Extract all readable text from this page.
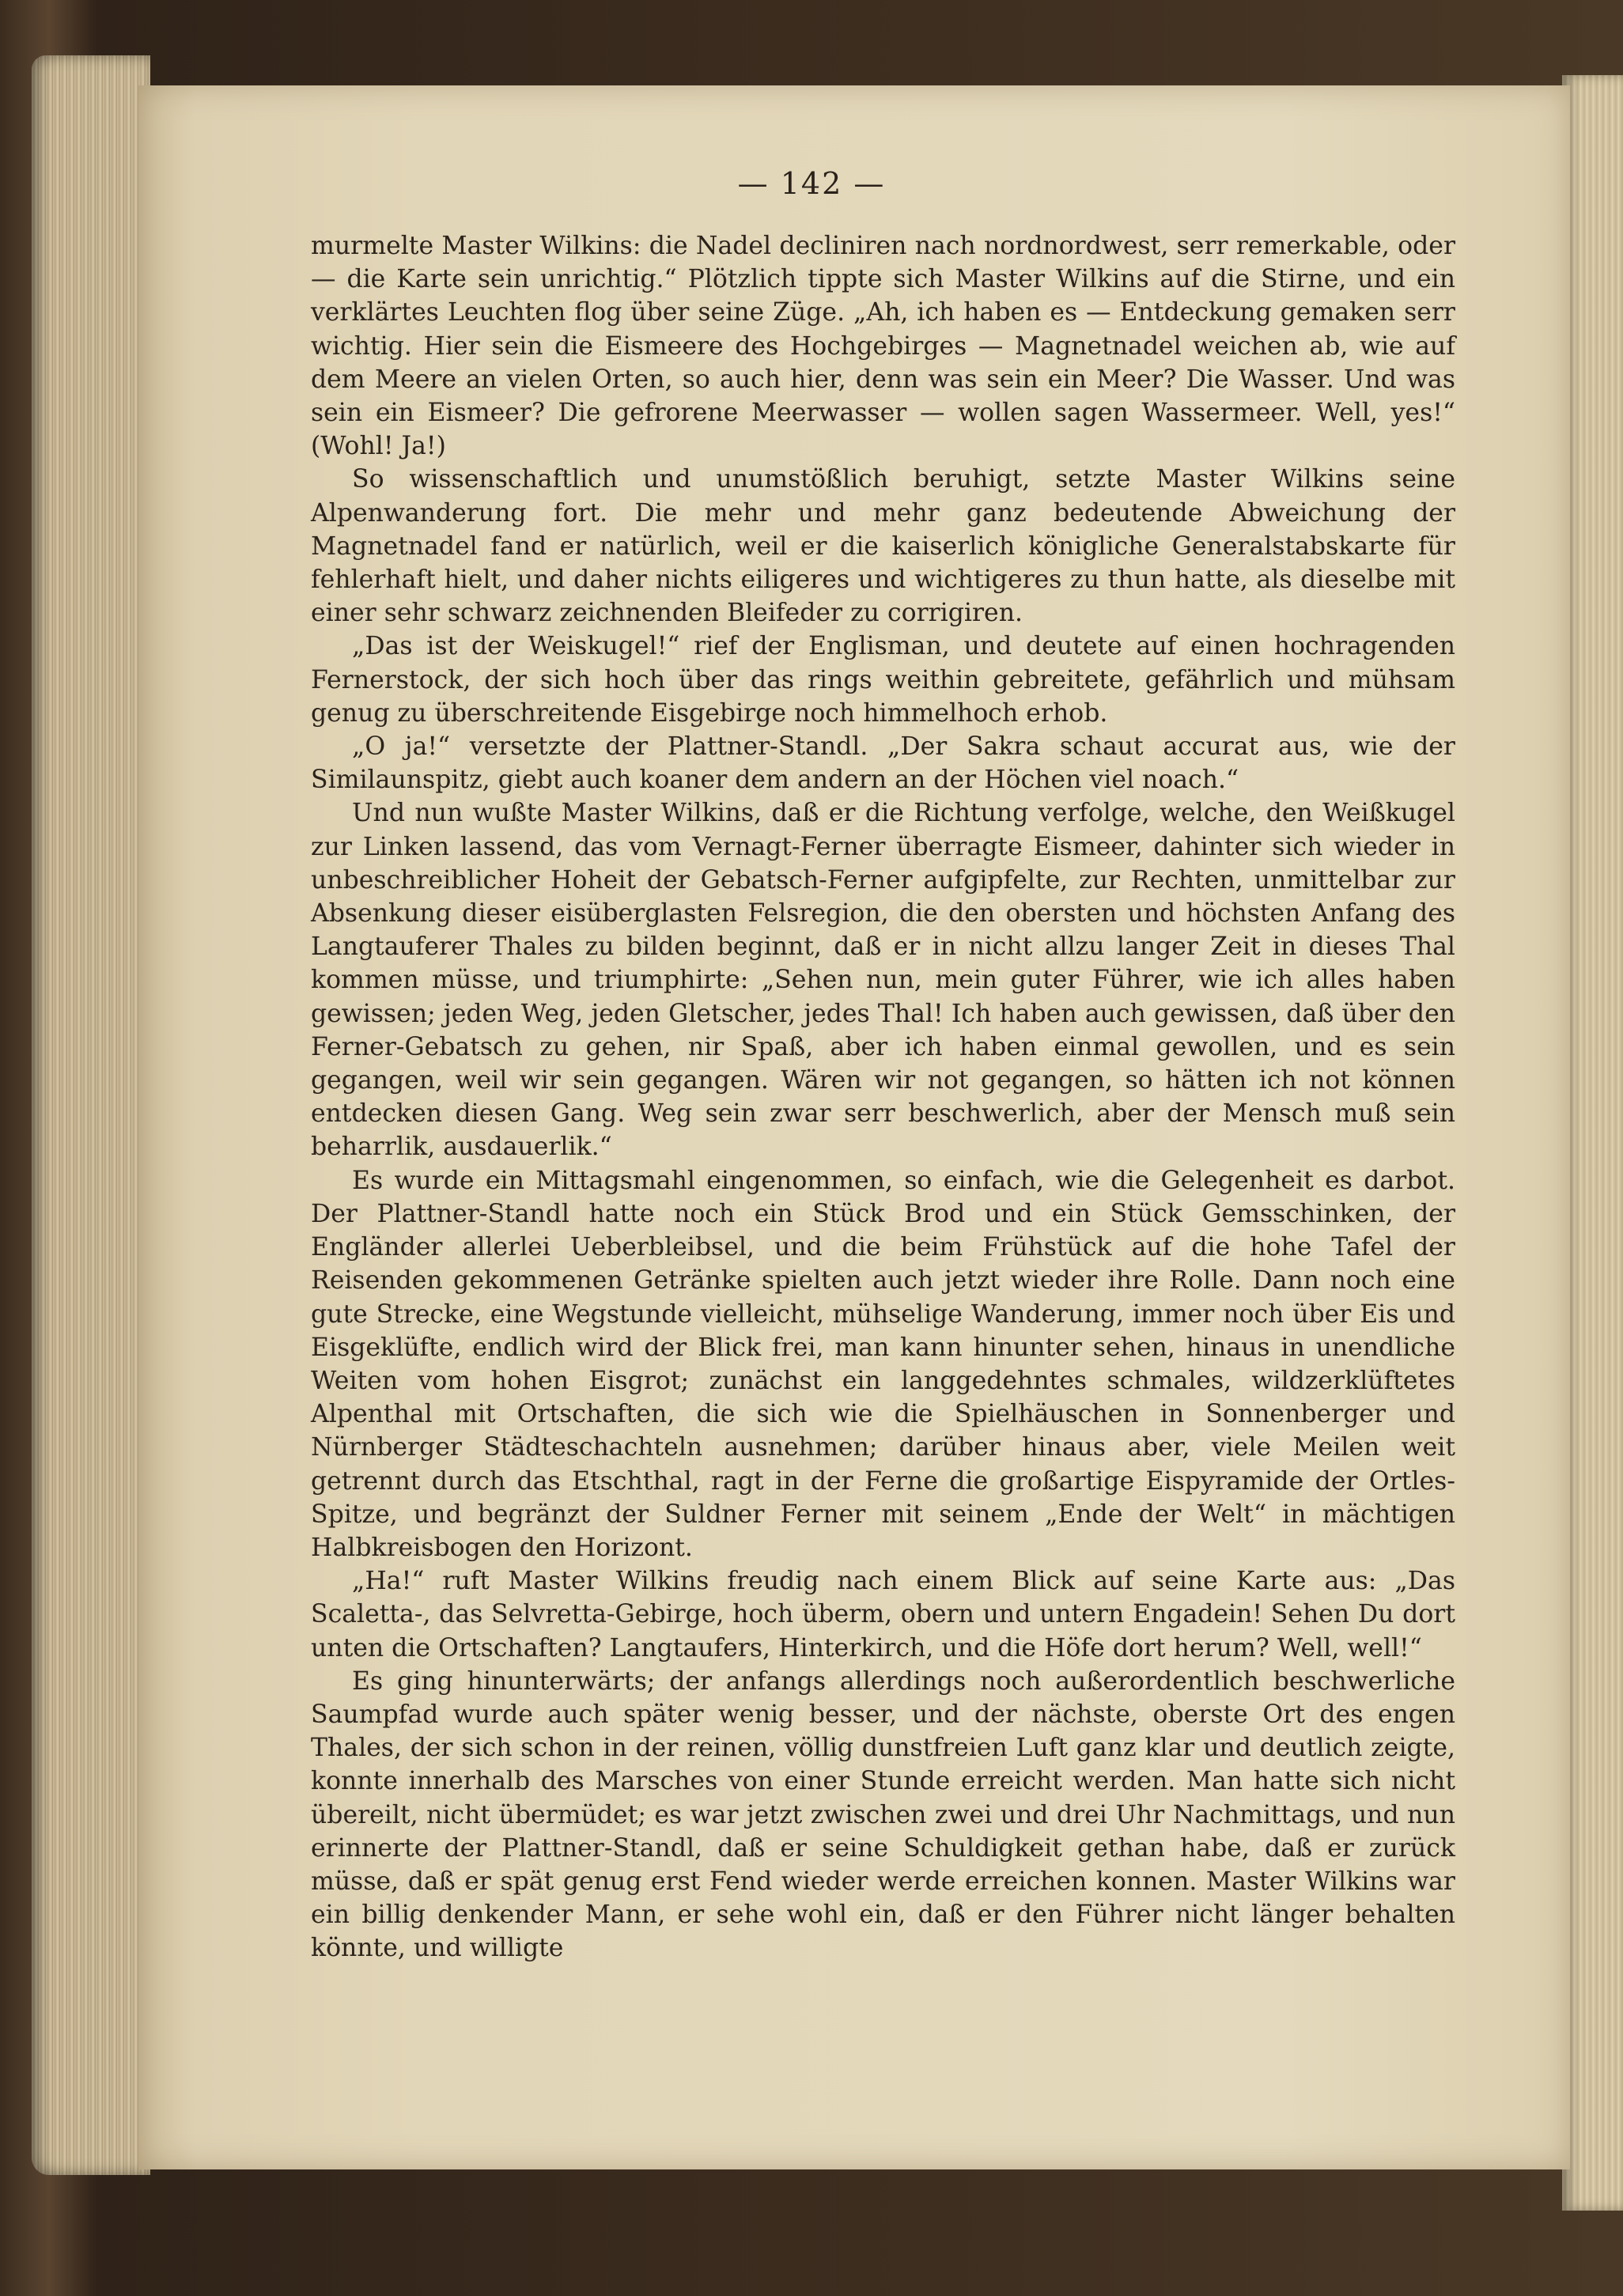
— 142 —

murmelte Master Wilkins: die Nadel decliniren nach nordnordwest, serr remerkable, oder — die Karte sein unrichtig.“ Plötzlich tippte sich Master Wilkins auf die Stirne, und ein verklärtes Leuchten flog über seine Züge. „Ah, ich haben es — Entdeckung gemaken serr wichtig. Hier sein die Eismeere des Hochgebirges — Magnetnadel weichen ab, wie auf dem Meere an vielen Orten, so auch hier, denn was sein ein Meer? Die Wasser. Und was sein ein Eismeer? Die gefrorene Meerwasser — wollen sagen Wassermeer. Well, yes!“ (Wohl! Ja!)

So wissenschaftlich und unumstößlich beruhigt, setzte Master Wilkins seine Alpenwanderung fort. Die mehr und mehr ganz bedeutende Abweichung der Magnetnadel fand er natürlich, weil er die kaiserlich königliche Generalstabskarte für fehlerhaft hielt, und daher nichts eiligeres und wichtigeres zu thun hatte, als dieselbe mit einer sehr schwarz zeichnenden Bleifeder zu corrigiren.

„Das ist der Weiskugel!“ rief der Englisman, und deutete auf einen hochragenden Fernerstock, der sich hoch über das rings weithin gebreitete, gefährlich und mühsam genug zu überschreitende Eisgebirge noch himmelhoch erhob.

„O ja!“ versetzte der Plattner-Standl. „Der Sakra schaut accurat aus, wie der Similaunspitz, giebt auch koaner dem andern an der Höchen viel noach.“

Und nun wußte Master Wilkins, daß er die Richtung verfolge, welche, den Weißkugel zur Linken lassend, das vom Vernagt-Ferner überragte Eismeer, dahinter sich wieder in unbeschreiblicher Hoheit der Gebatsch-Ferner aufgipfelte, zur Rechten, unmittelbar zur Absenkung dieser eisüberglasten Felsregion, die den obersten und höchsten Anfang des Langtauferer Thales zu bilden beginnt, daß er in nicht allzu langer Zeit in dieses Thal kommen müsse, und triumphirte: „Sehen nun, mein guter Führer, wie ich alles haben gewissen; jeden Weg, jeden Gletscher, jedes Thal! Ich haben auch gewissen, daß über den Ferner-Gebatsch zu gehen, nir Spaß, aber ich haben einmal gewollen, und es sein gegangen, weil wir sein gegangen. Wären wir not gegangen, so hätten ich not können entdecken diesen Gang. Weg sein zwar serr beschwerlich, aber der Mensch muß sein beharrlik, ausdauerlik.“

Es wurde ein Mittagsmahl eingenommen, so einfach, wie die Gelegenheit es darbot. Der Plattner-Standl hatte noch ein Stück Brod und ein Stück Gemsschinken, der Engländer allerlei Ueberbleibsel, und die beim Frühstück auf die hohe Tafel der Reisenden gekommenen Getränke spielten auch jetzt wieder ihre Rolle. Dann noch eine gute Strecke, eine Wegstunde vielleicht, mühselige Wanderung, immer noch über Eis und Eisgeklüfte, endlich wird der Blick frei, man kann hinunter sehen, hinaus in unendliche Weiten vom hohen Eisgrot; zunächst ein langgedehntes schmales, wildzerklüftetes Alpenthal mit Ortschaften, die sich wie die Spielhäuschen in Sonnenberger und Nürnberger Städteschachteln ausnehmen; darüber hinaus aber, viele Meilen weit getrennt durch das Etschthal, ragt in der Ferne die großartige Eispyramide der Ortles-Spitze, und begränzt der Suldner Ferner mit seinem „Ende der Welt“ in mächtigen Halbkreisbogen den Horizont.

„Ha!“ ruft Master Wilkins freudig nach einem Blick auf seine Karte aus: „Das Scaletta-, das Selvretta-Gebirge, hoch überm, obern und untern Engadein! Sehen Du dort unten die Ortschaften? Langtaufers, Hinterkirch, und die Höfe dort herum? Well, well!“

Es ging hinunterwärts; der anfangs allerdings noch außerordentlich beschwerliche Saumpfad wurde auch später wenig besser, und der nächste, oberste Ort des engen Thales, der sich schon in der reinen, völlig dunstfreien Luft ganz klar und deutlich zeigte, konnte innerhalb des Marsches von einer Stunde erreicht werden. Man hatte sich nicht übereilt, nicht übermüdet; es war jetzt zwischen zwei und drei Uhr Nachmittags, und nun erinnerte der Plattner-Standl, daß er seine Schuldigkeit gethan habe, daß er zurück müsse, daß er spät genug erst Fend wieder werde erreichen konnen. Master Wilkins war ein billig denkender Mann, er sehe wohl ein, daß er den Führer nicht länger behalten könnte, und willigte
